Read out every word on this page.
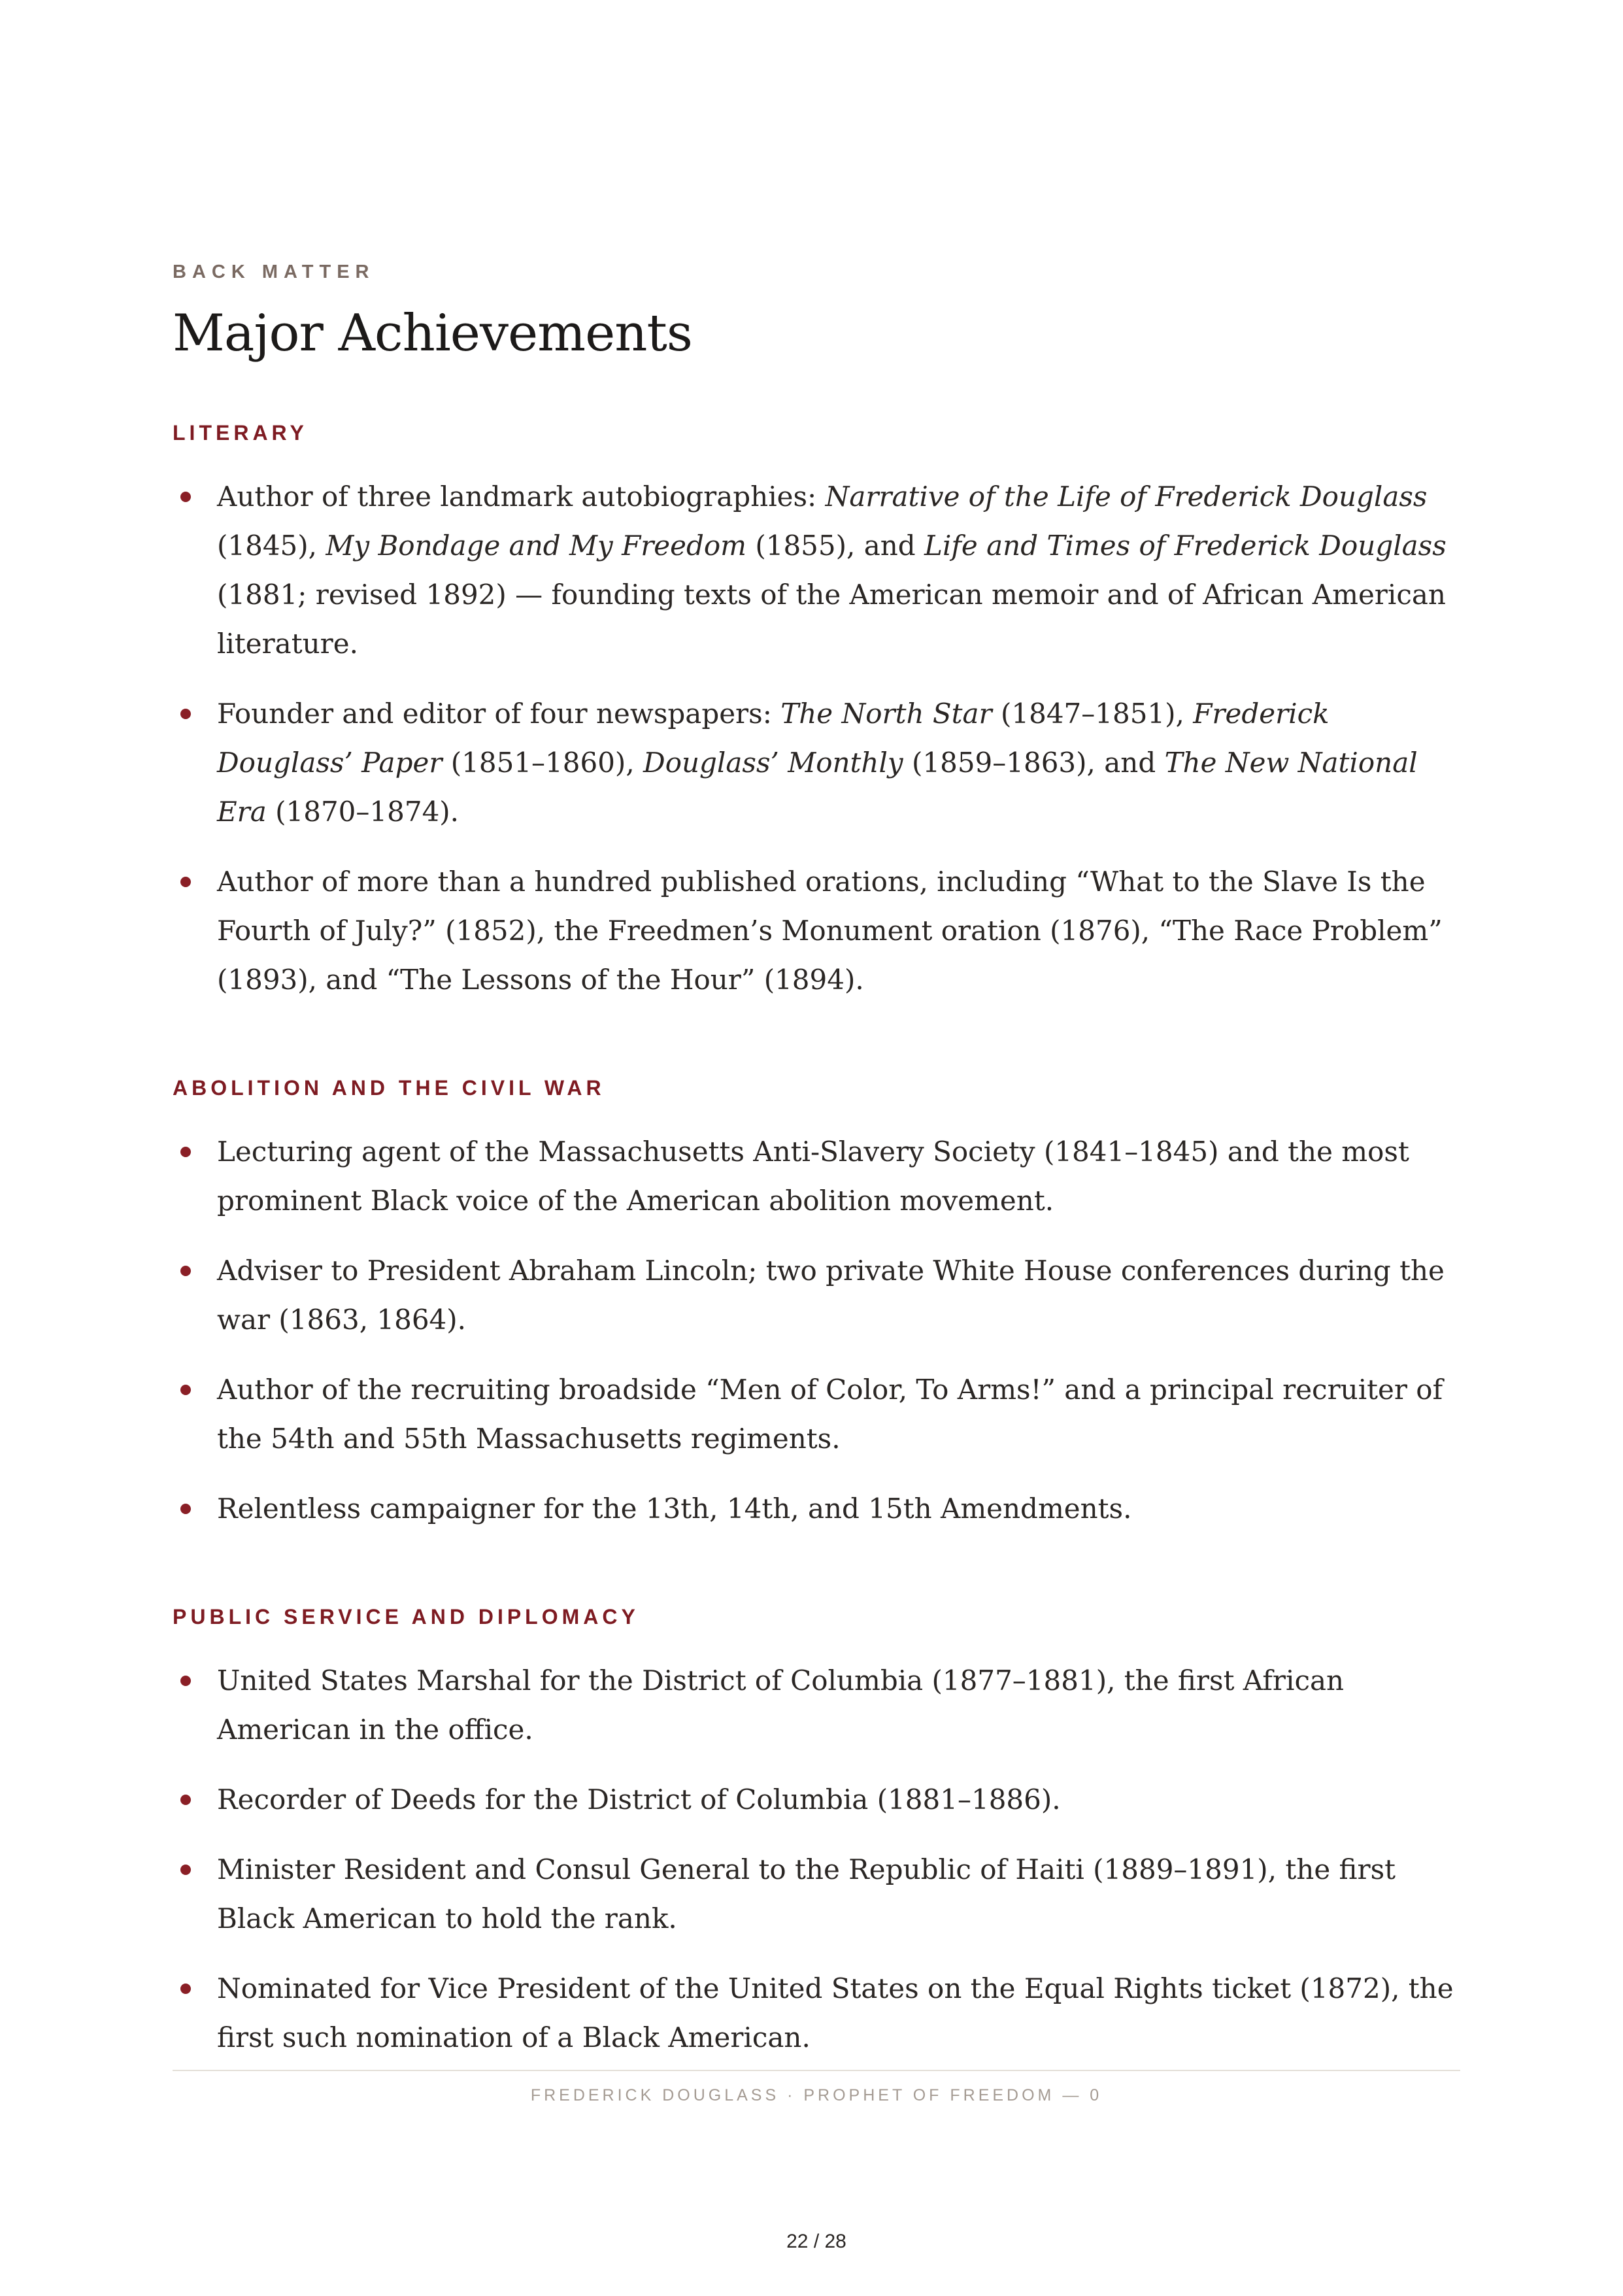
BACK MATTER

Major Achievements
LITERARY
Author of three landmark autobiographies: Narrative of the Life of Frederick Douglass (1845), My Bondage and My Freedom (1855), and Life and Times of Frederick Douglass (1881; revised 1892) — founding texts of the American memoir and of African American literature.
Founder and editor of four newspapers: The North Star (1847–1851), Frederick Douglass’ Paper (1851–1860), Douglass’ Monthly (1859–1863), and The New National Era (1870–1874).
Author of more than a hundred published orations, including “What to the Slave Is the Fourth of July?” (1852), the Freedmen’s Monument oration (1876), “The Race Problem” (1893), and “The Lessons of the Hour” (1894).
ABOLITION AND THE CIVIL WAR
Lecturing agent of the Massachusetts Anti-Slavery Society (1841–1845) and the most prominent Black voice of the American abolition movement.
Adviser to President Abraham Lincoln; two private White House conferences during the war (1863, 1864).
Author of the recruiting broadside “Men of Color, To Arms!” and a principal recruiter of the 54th and 55th Massachusetts regiments.
Relentless campaigner for the 13th, 14th, and 15th Amendments.
PUBLIC SERVICE AND DIPLOMACY
United States Marshal for the District of Columbia (1877–1881), the first African American in the office.
Recorder of Deeds for the District of Columbia (1881–1886).
Minister Resident and Consul General to the Republic of Haiti (1889–1891), the first Black American to hold the rank.
Nominated for Vice President of the United States on the Equal Rights ticket (1872), the first such nomination of a Black American.
FREDERICK DOUGLASS · PROPHET OF FREEDOM — 0
22 / 28
